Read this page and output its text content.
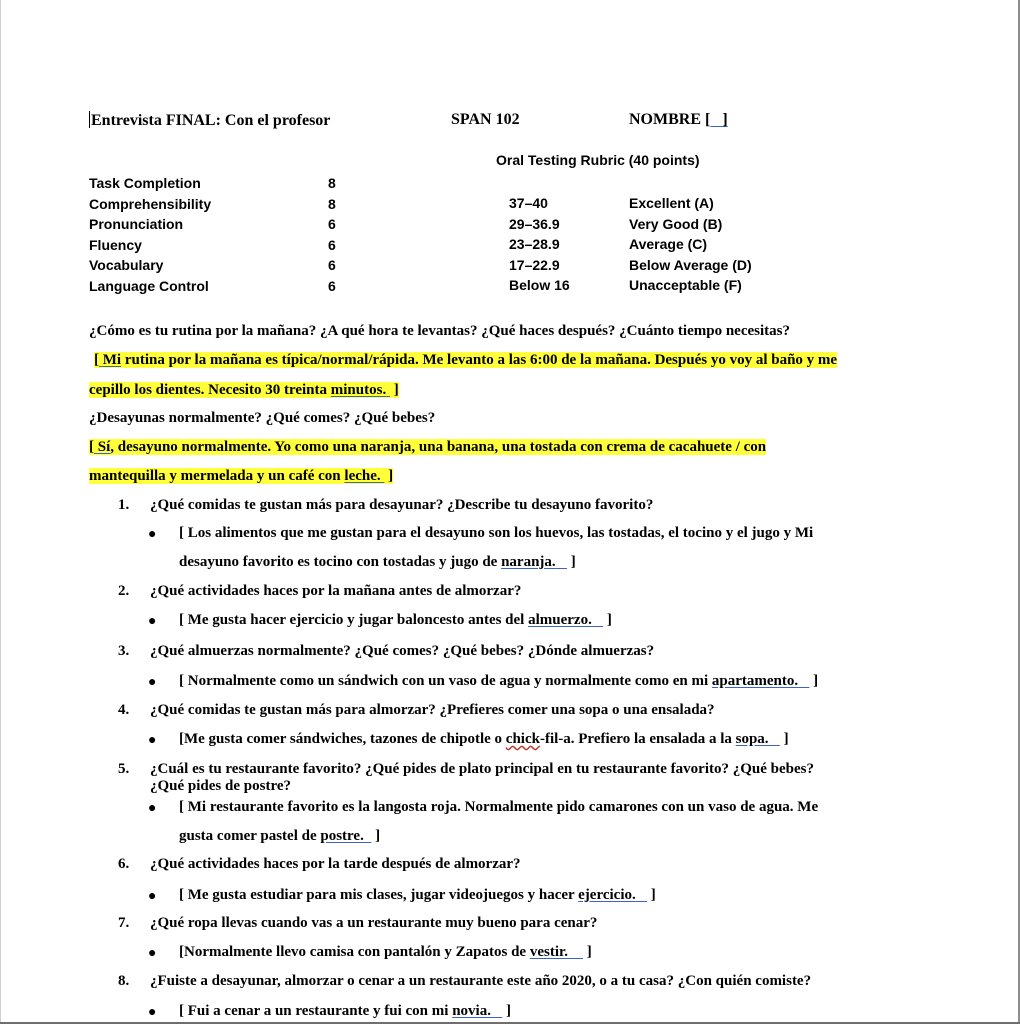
Entrevista FINAL: Con el profesor	SPAN 102	NOMBRE [ ]
Oral Testing Rubric (40 points)
Task Completion
Comprehensibility
Pronunciation
Fluency
Vocabulary
Language Control
8
8
6
6
6
6
37–40
29–36.9
23–28.9
17–22.9
Below 16
Excellent (A)
Very Good (B)
Average (C)
Below Average (D)
Unacceptable (F)
¿Cómo es tu rutina por la mañana? ¿A qué hora te levantas? ¿Qué haces después? ¿Cuánto tiempo necesitas?
[ Mi rutina por la mañana es típica/normal/rápida. Me levanto a las 6:00 de la mañana. Después yo voy al baño y me
cepillo los dientes. Necesito 30 treinta minutos.  ]
¿Desayunas normalmente? ¿Qué comes? ¿Qué bebes?
[ Sí, desayuno normalmente. Yo como una naranja, una banana, una tostada con crema de cacahuete / con
mantequilla y mermelada y un café con leche.  ]
1. ¿Qué comidas te gustan más para desayunar? ¿Describe tu desayuno favorito?
● [ Los alimentos que me gustan para el desayuno son los huevos, las tostadas, el tocino y el jugo y Mi
desayuno favorito es tocino con tostadas y jugo de naranja.    ]
2. ¿Qué actividades haces por la mañana antes de almorzar?
● [ Me gusta hacer ejercicio y jugar baloncesto antes del almuerzo.    ]
3. ¿Qué almuerzas normalmente? ¿Qué comes? ¿Qué bebes? ¿Dónde almuerzas?
● [ Normalmente como un sándwich con un vaso de agua y normalmente como en mi apartamento.    ]
4. ¿Qué comidas te gustan más para almorzar? ¿Prefieres comer una sopa o una ensalada?
● [Me gusta comer sándwiches, tazones de chipotle o chick-fil-a. Prefiero la ensalada a la sopa.    ]
5. ¿Cuál es tu restaurante favorito? ¿Qué pides de plato principal en tu restaurante favorito? ¿Qué bebes?
¿Qué pides de postre?
● [ Mi restaurante favorito es la langosta roja. Normalmente pido camarones con un vaso de agua. Me
gusta comer pastel de postre.   ]
6. ¿Qué actividades haces por la tarde después de almorzar?
● [ Me gusta estudiar para mis clases, jugar videojuegos y hacer ejercicio.    ]
7. ¿Qué ropa llevas cuando vas a un restaurante muy bueno para cenar?
● [Normalmente llevo camisa con pantalón y Zapatos de vestir.     ]
8. ¿Fuiste a desayunar, almorzar o cenar a un restaurante este año 2020, o a tu casa? ¿Con quién comiste?
● [ Fui a cenar a un restaurante y fui con mi novia.    ]
